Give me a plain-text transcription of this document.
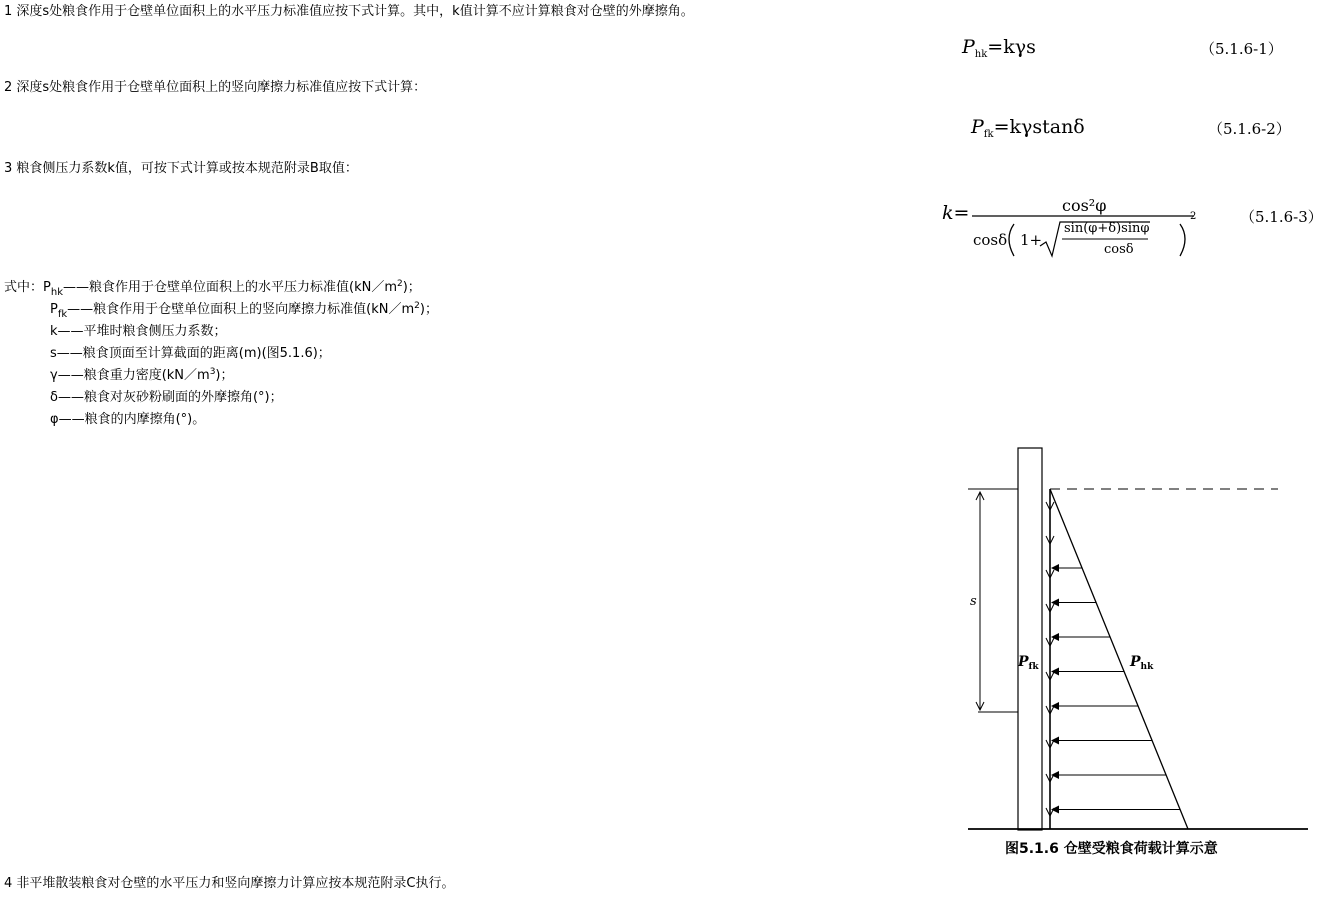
1 深度s处粮食作用于仓壁单位面积上的水平压力标准值应按下式计算。其中，k值计算不应计算粮食对仓壁的外摩擦角。
$P_{hk}=k\gamma s$	（5.1.6-1）
2 深度s处粮食作用于仓壁单位面积上的竖向摩擦力标准值应按下式计算：
$P_{fk}=k\gamma stan\delta$	（5.1.6-2）
3 粮食侧压力系数k值，可按下式计算或按本规范附录B取值：
k=	cos²φ
cosδ 1+
sin(φ+δ)sinφ
cosδ
2	（5.1.6-3）
式中：$P_{hk}——$粮食作用于仓壁单位面积上的水平压力标准值$(kN/m^2)$；
$P_{fk}——$粮食作用于仓壁单位面积上的竖向摩擦力标准值$(kN/m^2)$；
k——平堆时粮食侧压力系数；
s——粮食顶面至计算截面的距离(m)(图5.1.6)；
γ——粮食重力密度$(kN/m^3)$；
δ——粮食对灰砂粉刷面的外摩擦角(°)；
φ——粮食的内摩擦角(°)。
s
$P_{fk}$	$P_{hk}$
图5.1.6 仓壁受粮食荷载计算示意
4 非平堆散装粮食对仓壁的水平压力和竖向摩擦力计算应按本规范附录C执行。
